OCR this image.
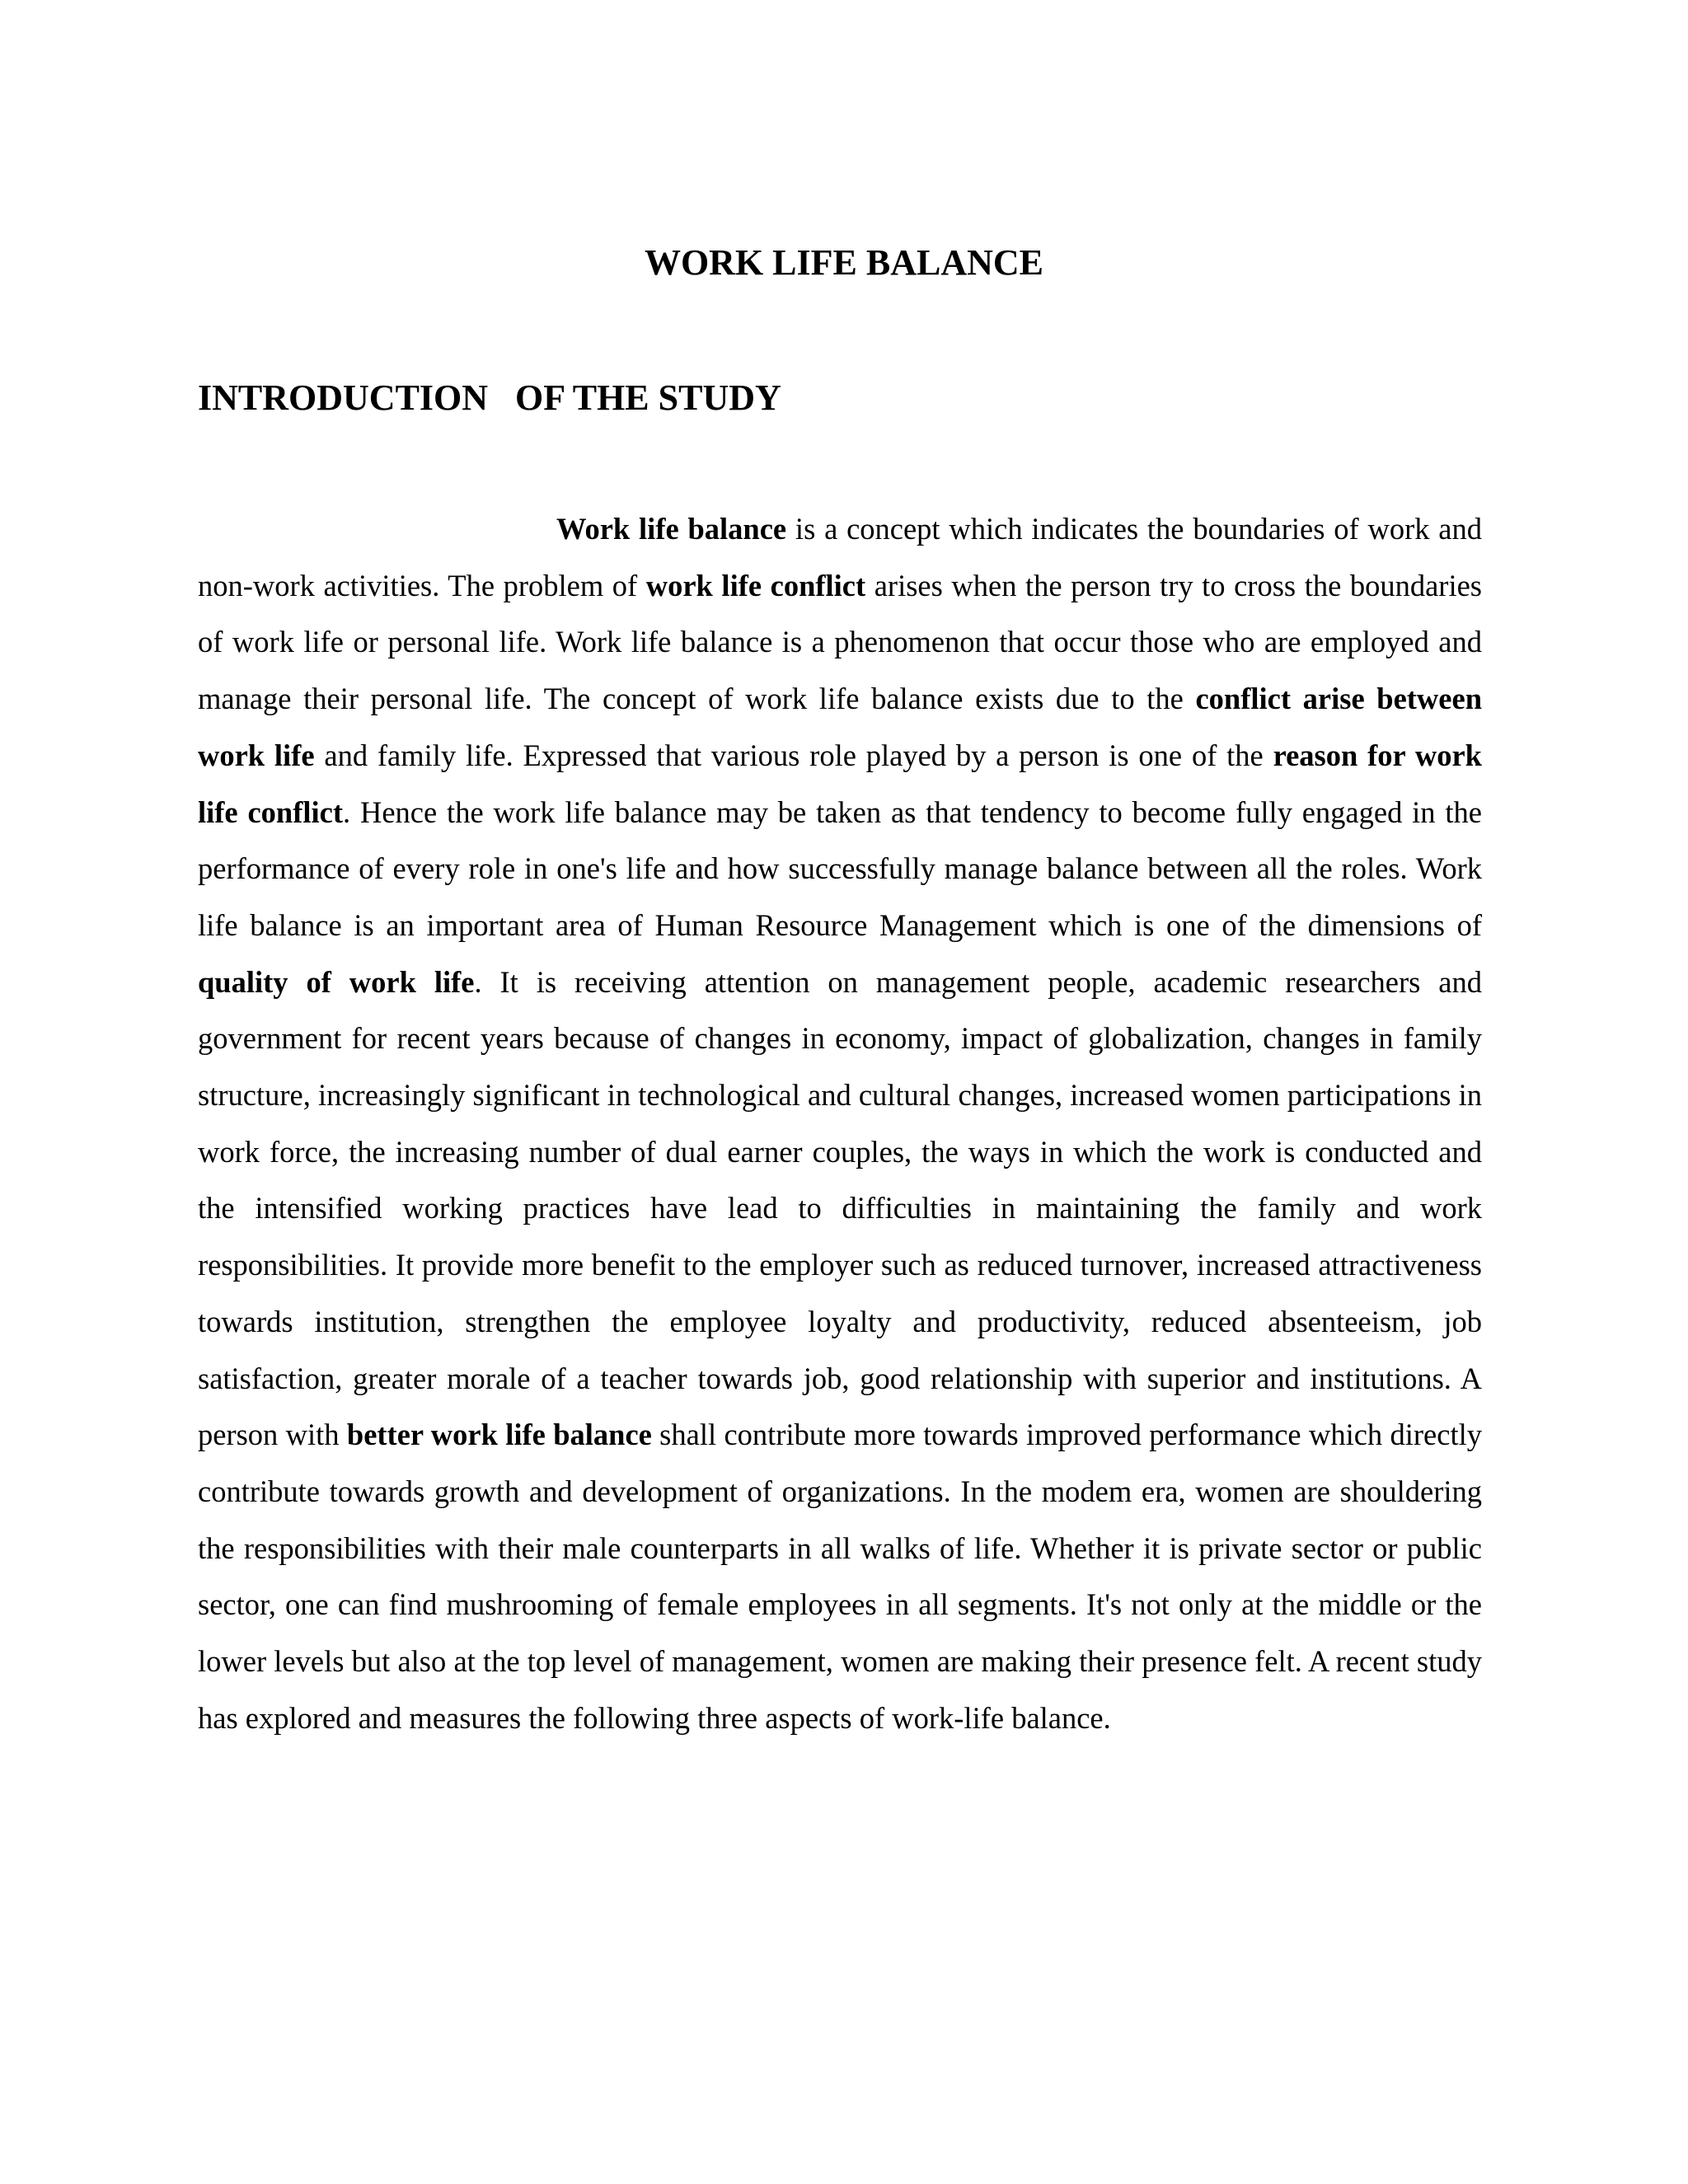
WORK LIFE BALANCE
INTRODUCTION   OF THE STUDY

Work life balance is a concept which indicates the boundaries of work and non-work activities. The problem of work life conflict arises when the person try to cross the boundaries of work life or personal life. Work life balance is a phenomenon that occur those who are employed and manage their personal life. The concept of work life balance exists due to the conflict arise between work life and family life. Expressed that various role played by a person is one of the reason for work life conflict. Hence the work life balance may be taken as that tendency to become fully engaged in the performance of every role in one's life and how successfully manage balance between all the roles. Work life balance is an important area of Human Resource Management which is one of the dimensions of quality of work life. It is receiving attention on management people, academic researchers and government for recent years because of changes in economy, impact of globalization, changes in family structure, increasingly significant in technological and cultural changes, increased women participations in work force, the increasing number of dual earner couples, the ways in which the work is conducted and the intensified working practices have lead to difficulties in maintaining the family and work responsibilities. It provide more benefit to the employer such as reduced turnover, increased attractiveness towards institution, strengthen the employee loyalty and productivity, reduced absenteeism, job satisfaction, greater morale of a teacher towards job, good relationship with superior and institutions. A person with better work life balance shall contribute more towards improved performance which directly contribute towards growth and development of organizations. In the modem era, women are shouldering the responsibilities with their male counterparts in all walks of life. Whether it is private sector or public sector, one can find mushrooming of female employees in all segments. It's not only at the middle or the lower levels but also at the top level of management, women are making their presence felt. A recent study has explored and measures the following three aspects of work-life balance.
